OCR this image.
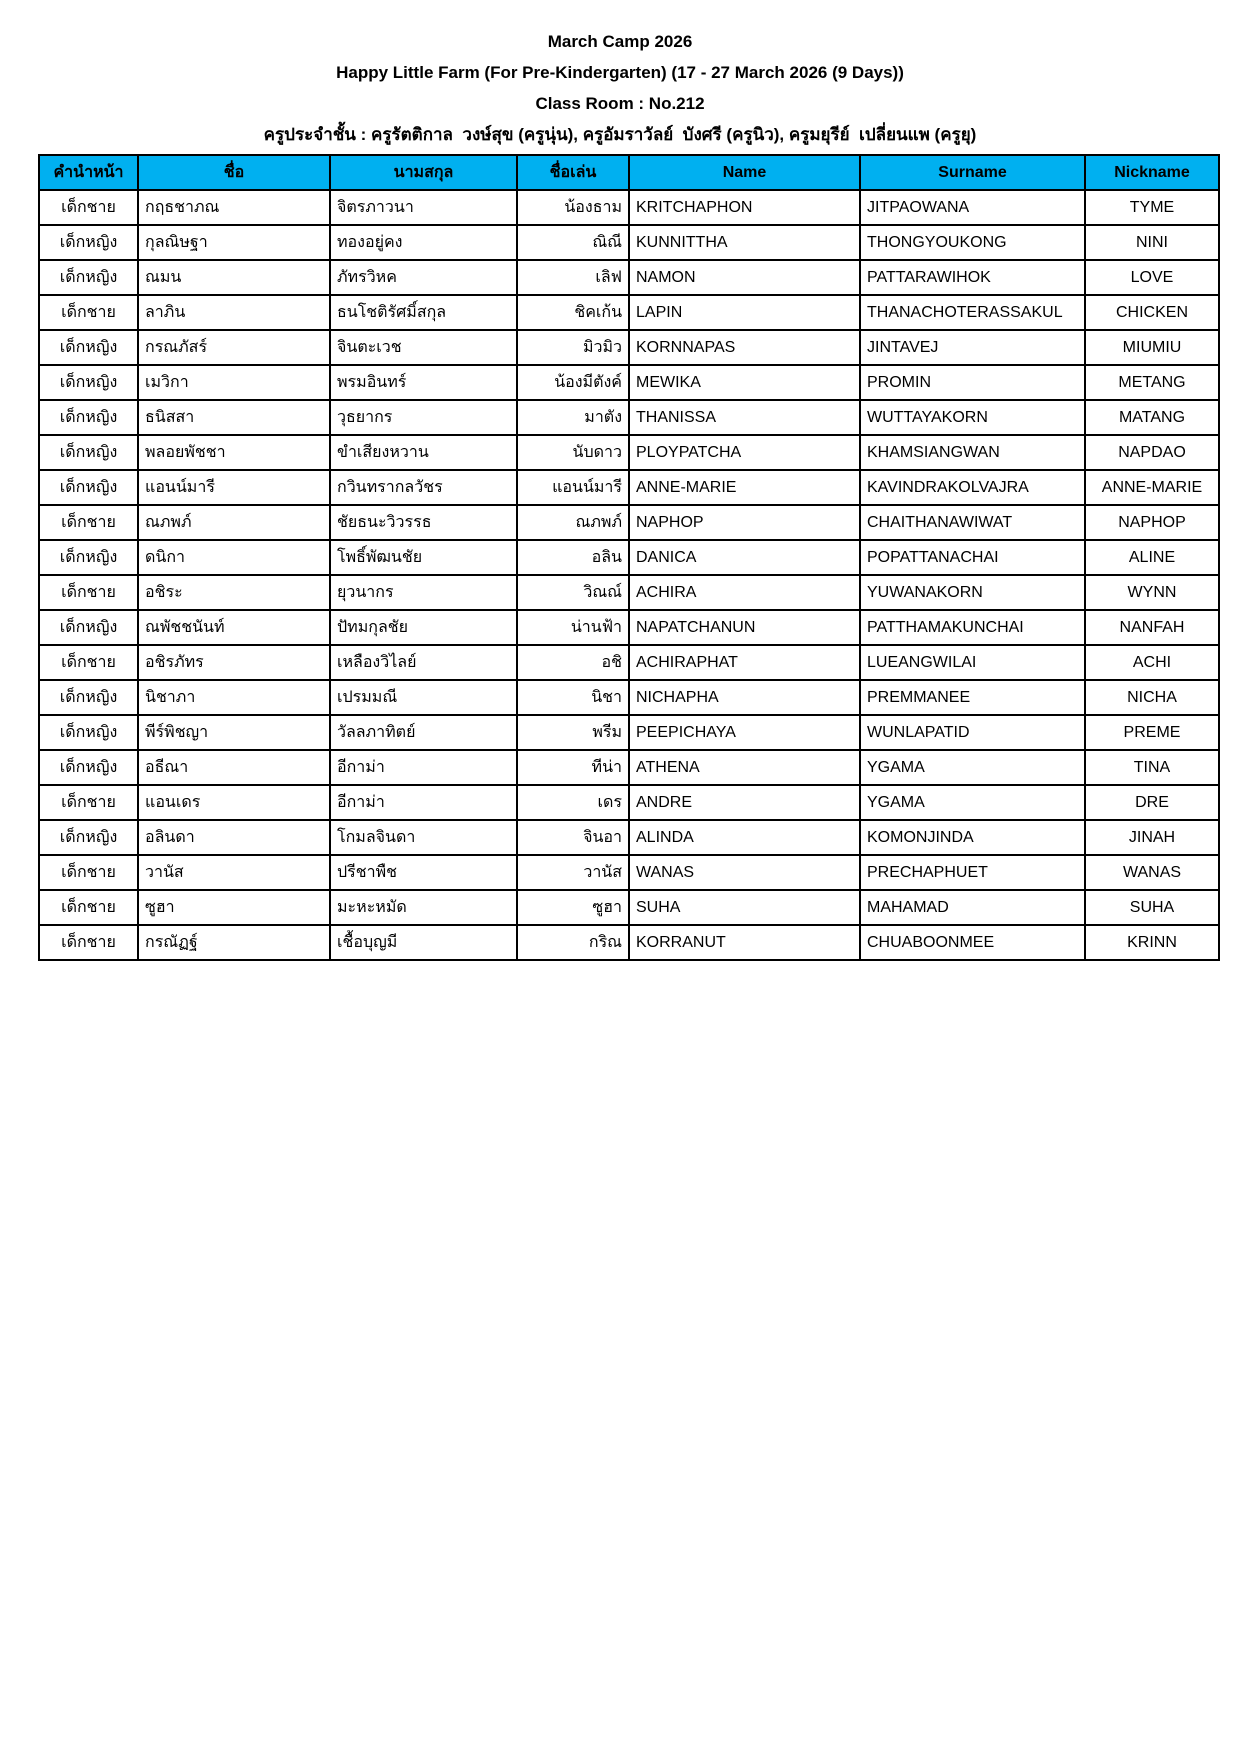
March Camp 2026
Happy Little Farm (For Pre-Kindergarten) (17 - 27 March 2026 (9 Days))
Class Room : No.212
ครูประจำชั้น : ครูรัตติกาล  วงษ์สุข (ครูนุ่น), ครูอัมราวัลย์  บังศรี (ครูนิว), ครูมยุรีย์  เปลี่ยนแพ (ครูยุ)
คำนำหน้า	ชื่อ	นามสกุล	ชื่อเล่น	Name	Surname	Nickname
เด็กชาย	กฤธชาภณ	จิตรภาวนา	น้องธาม	KRITCHAPHON	JITPAOWANA	TYME
เด็กหญิง	กุลณิษฐา	ทองอยู่คง	ณิณี	KUNNITTHA	THONGYOUKONG	NINI
เด็กหญิง	ณมน	ภัทรวิหค	เลิฟ	NAMON	PATTARAWIHOK	LOVE
เด็กชาย	ลาภิน	ธนโชติรัศมิ์สกุล	ชิคเก้น	LAPIN	THANACHOTERASSAKUL	CHICKEN
เด็กหญิง	กรณภัสร์	จินตะเวช	มิวมิว	KORNNAPAS	JINTAVEJ	MIUMIU
เด็กหญิง	เมวิกา	พรมอินทร์	น้องมีตังค์	MEWIKA	PROMIN	METANG
เด็กหญิง	ธนิสสา	วุธยากร	มาตัง	THANISSA	WUTTAYAKORN	MATANG
เด็กหญิง	พลอยพัชชา	ขำเสียงหวาน	นับดาว	PLOYPATCHA	KHAMSIANGWAN	NAPDAO
เด็กหญิง	แอนน์มารี	กวินทรากลวัชร	แอนน์มารี	ANNE-MARIE	KAVINDRAKOLVAJRA	ANNE-MARIE
เด็กชาย	ณภพภ์	ชัยธนะวิวรรธ	ณภพภ์	NAPHOP	CHAITHANAWIWAT	NAPHOP
เด็กหญิง	ดนิกา	โพธิ์พัฒนชัย	อลิน	DANICA	POPATTANACHAI	ALINE
เด็กชาย	อชิระ	ยุวนากร	วิณณ์	ACHIRA	YUWANAKORN	WYNN
เด็กหญิง	ณพัชชนันท์	ปัทมกุลชัย	น่านฟ้า	NAPATCHANUN	PATTHAMAKUNCHAI	NANFAH
เด็กชาย	อชิรภัทร	เหลืองวิไลย์	อชิ	ACHIRAPHAT	LUEANGWILAI	ACHI
เด็กหญิง	นิชาภา	เปรมมณี	นิชา	NICHAPHA	PREMMANEE	NICHA
เด็กหญิง	พีร์พิชญา	วัลลภาทิตย์	พรีม	PEEPICHAYA	WUNLAPATID	PREME
เด็กหญิง	อธีณา	อีกาม่า	ทีน่า	ATHENA	YGAMA	TINA
เด็กชาย	แอนเดร	อีกาม่า	เดร	ANDRE	YGAMA	DRE
เด็กหญิง	อลินดา	โกมลจินดา	จินอา	ALINDA	KOMONJINDA	JINAH
เด็กชาย	วานัส	ปรีชาพืช	วานัส	WANAS	PRECHAPHUET	WANAS
เด็กชาย	ซูฮา	มะหะหมัด	ซูฮา	SUHA	MAHAMAD	SUHA
เด็กชาย	กรณัฏฐ์	เชื้อบุญมี	กริณ	KORRANUT	CHUABOONMEE	KRINN
